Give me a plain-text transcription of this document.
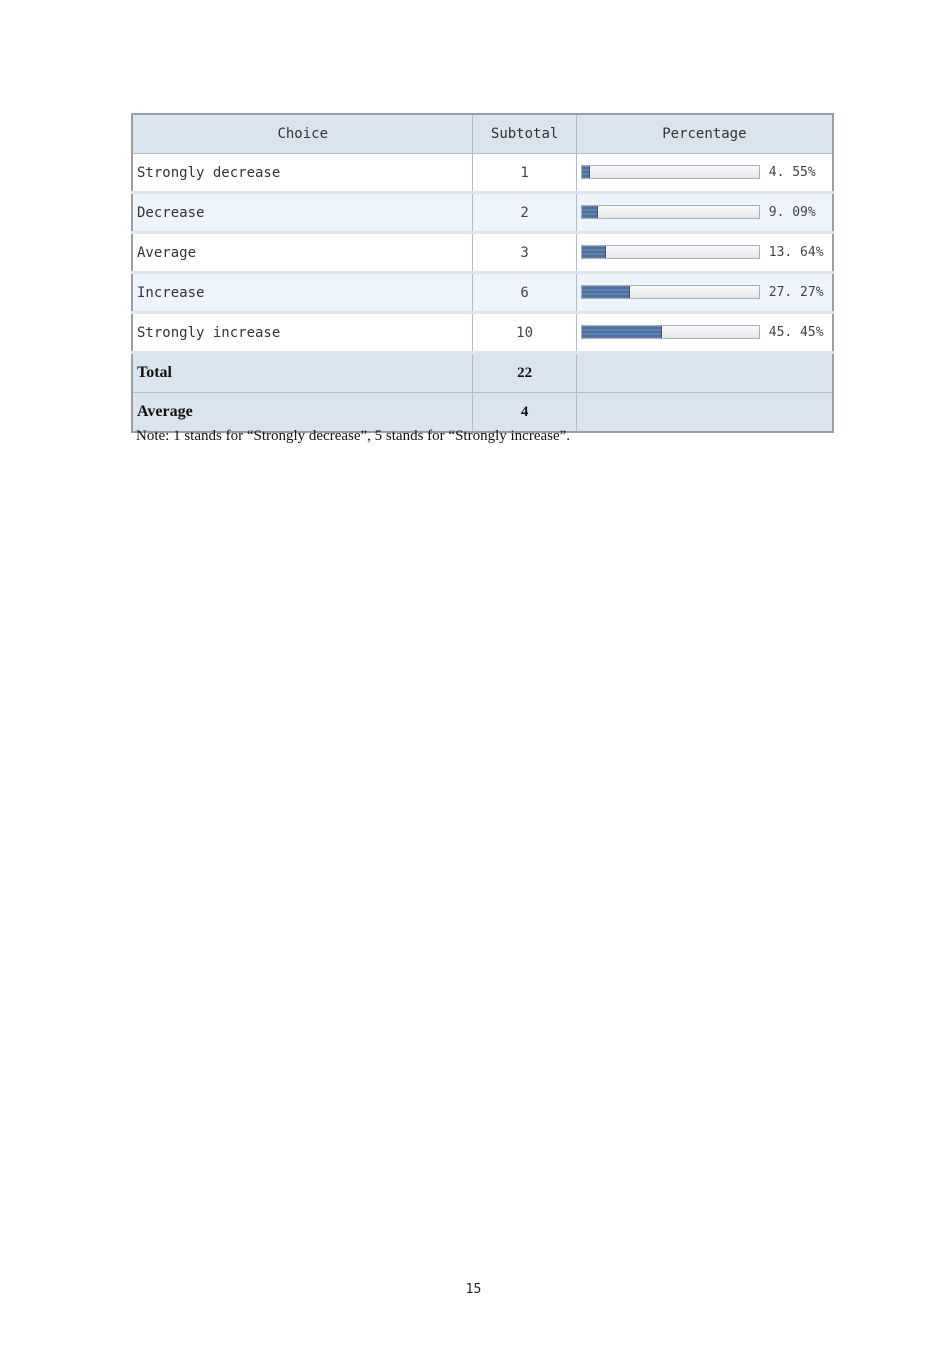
Choice	Subtotal	Percentage
Strongly decrease	1	4. 55%

Decrease	2	9. 09%

Average	3	13. 64%

Increase	6	27. 27%

Strongly increase	10	45. 45%

Total	22	
Average	4	
Note: 1 stands for “Strongly decrease”, 5 stands for “Strongly increase”.
15
